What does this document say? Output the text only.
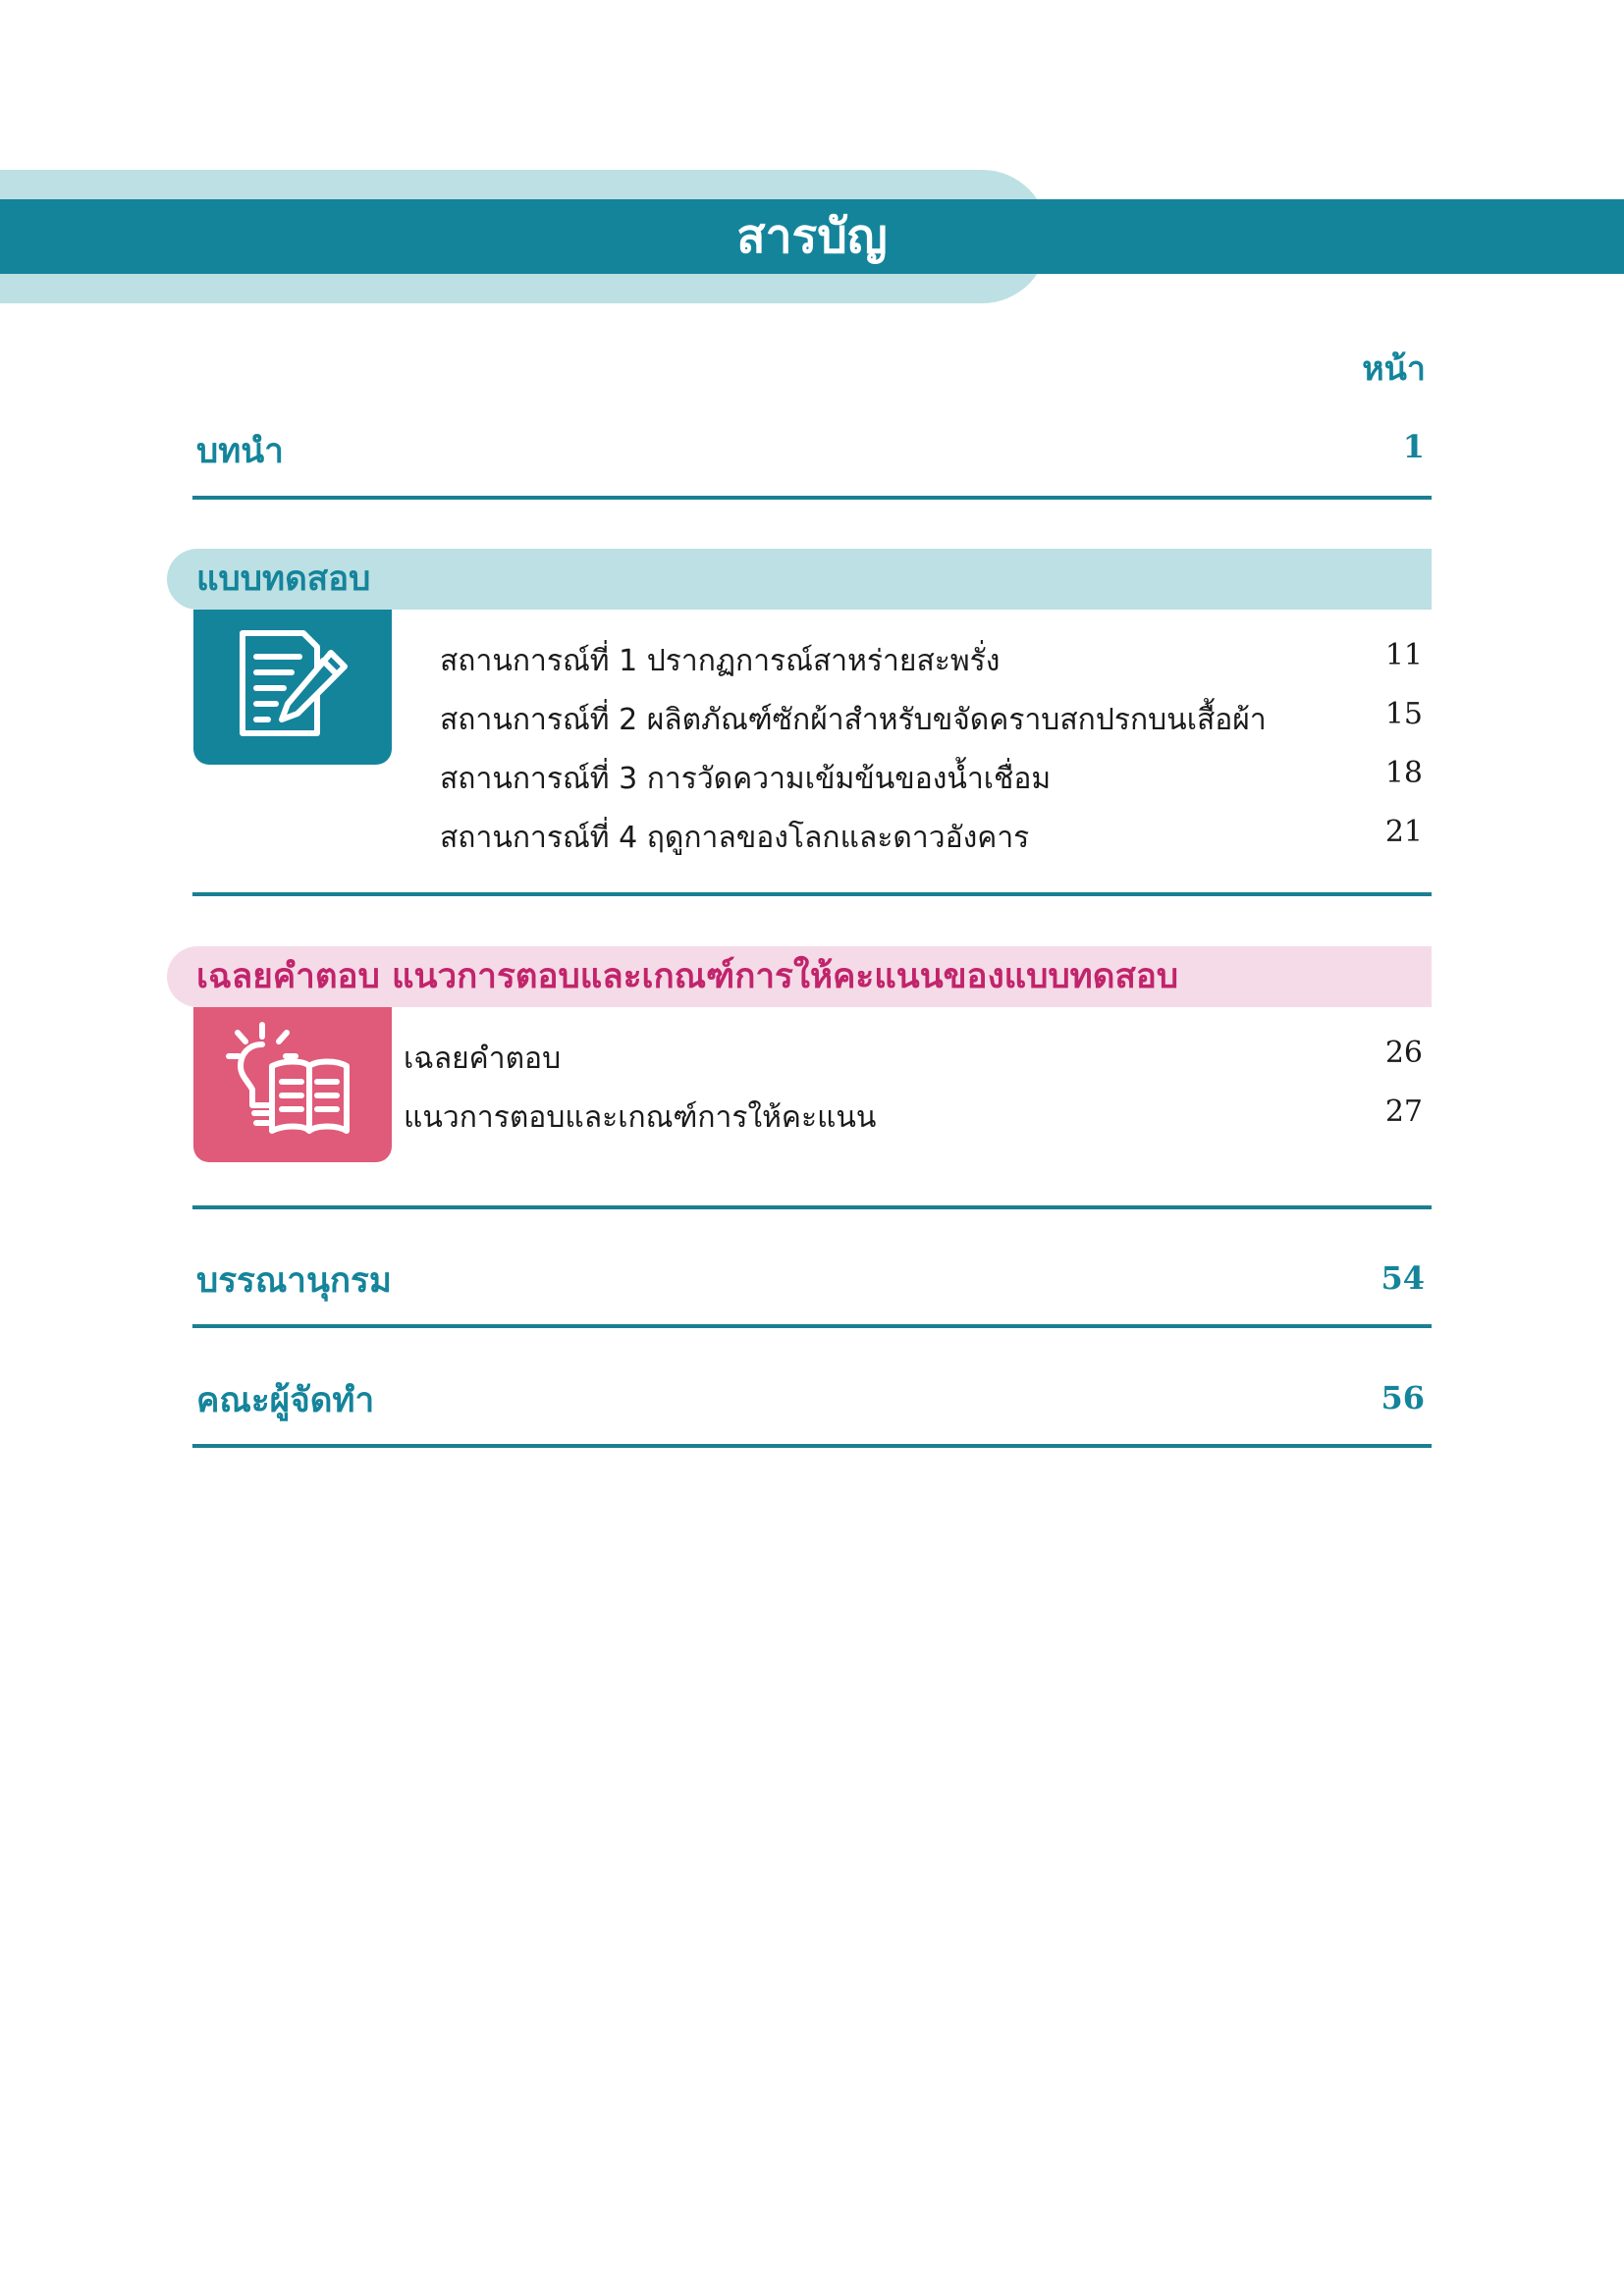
สารบัญ
หน้า
บทนำ	1
แบบทดสอบ
สถานการณ์ที่ 1 ปรากฏการณ์สาหร่ายสะพรั่ง	11
สถานการณ์ที่ 2 ผลิตภัณฑ์ซักผ้าสำหรับขจัดคราบสกปรกบนเสื้อผ้า	15
สถานการณ์ที่ 3 การวัดความเข้มข้นของน้ำเชื่อม	18
สถานการณ์ที่ 4 ฤดูกาลของโลกและดาวอังคาร	21
เฉลยคำตอบ แนวการตอบและเกณฑ์การให้คะแนนของแบบทดสอบ
เฉลยคำตอบ	26
แนวการตอบและเกณฑ์การให้คะแนน	27
บรรณานุกรม	54
คณะผู้จัดทำ	56
